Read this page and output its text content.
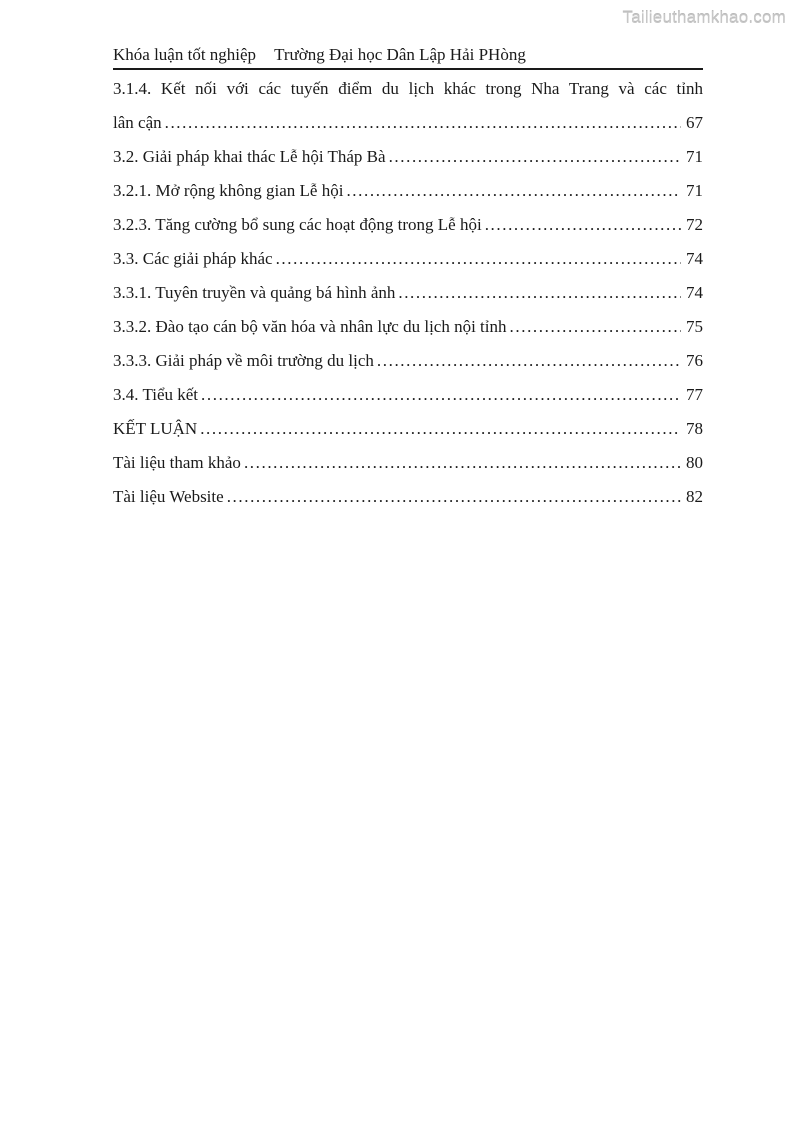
Tailieuthamkhao.com
Khóa luận tốt nghiệp Trường Đại học Dân Lập Hải PHòng
3.1.4. Kết nối với các tuyến điểm du lịch khác trong Nha Trang và các tỉnh
lân cận .....	67
3.2. Giải pháp khai thác Lễ hội Tháp Bà .....	71
3.2.1. Mở rộng không gian Lễ hội .....	71
3.2.3. Tăng cường bổ sung các hoạt động trong Lễ hội .....	72
3.3. Các giải pháp khác .....	74
3.3.1. Tuyên truyền và quảng bá hình ảnh .....	74
3.3.2. Đào tạo cán bộ văn hóa và nhân lực du lịch nội tỉnh .....	75
3.3.3. Giải pháp về môi trường du lịch .....	76
3.4. Tiểu kết .....	77
KẾT LUẬN .....	78
Tài liệu tham khảo .....	80
Tài liệu Website .....	82
